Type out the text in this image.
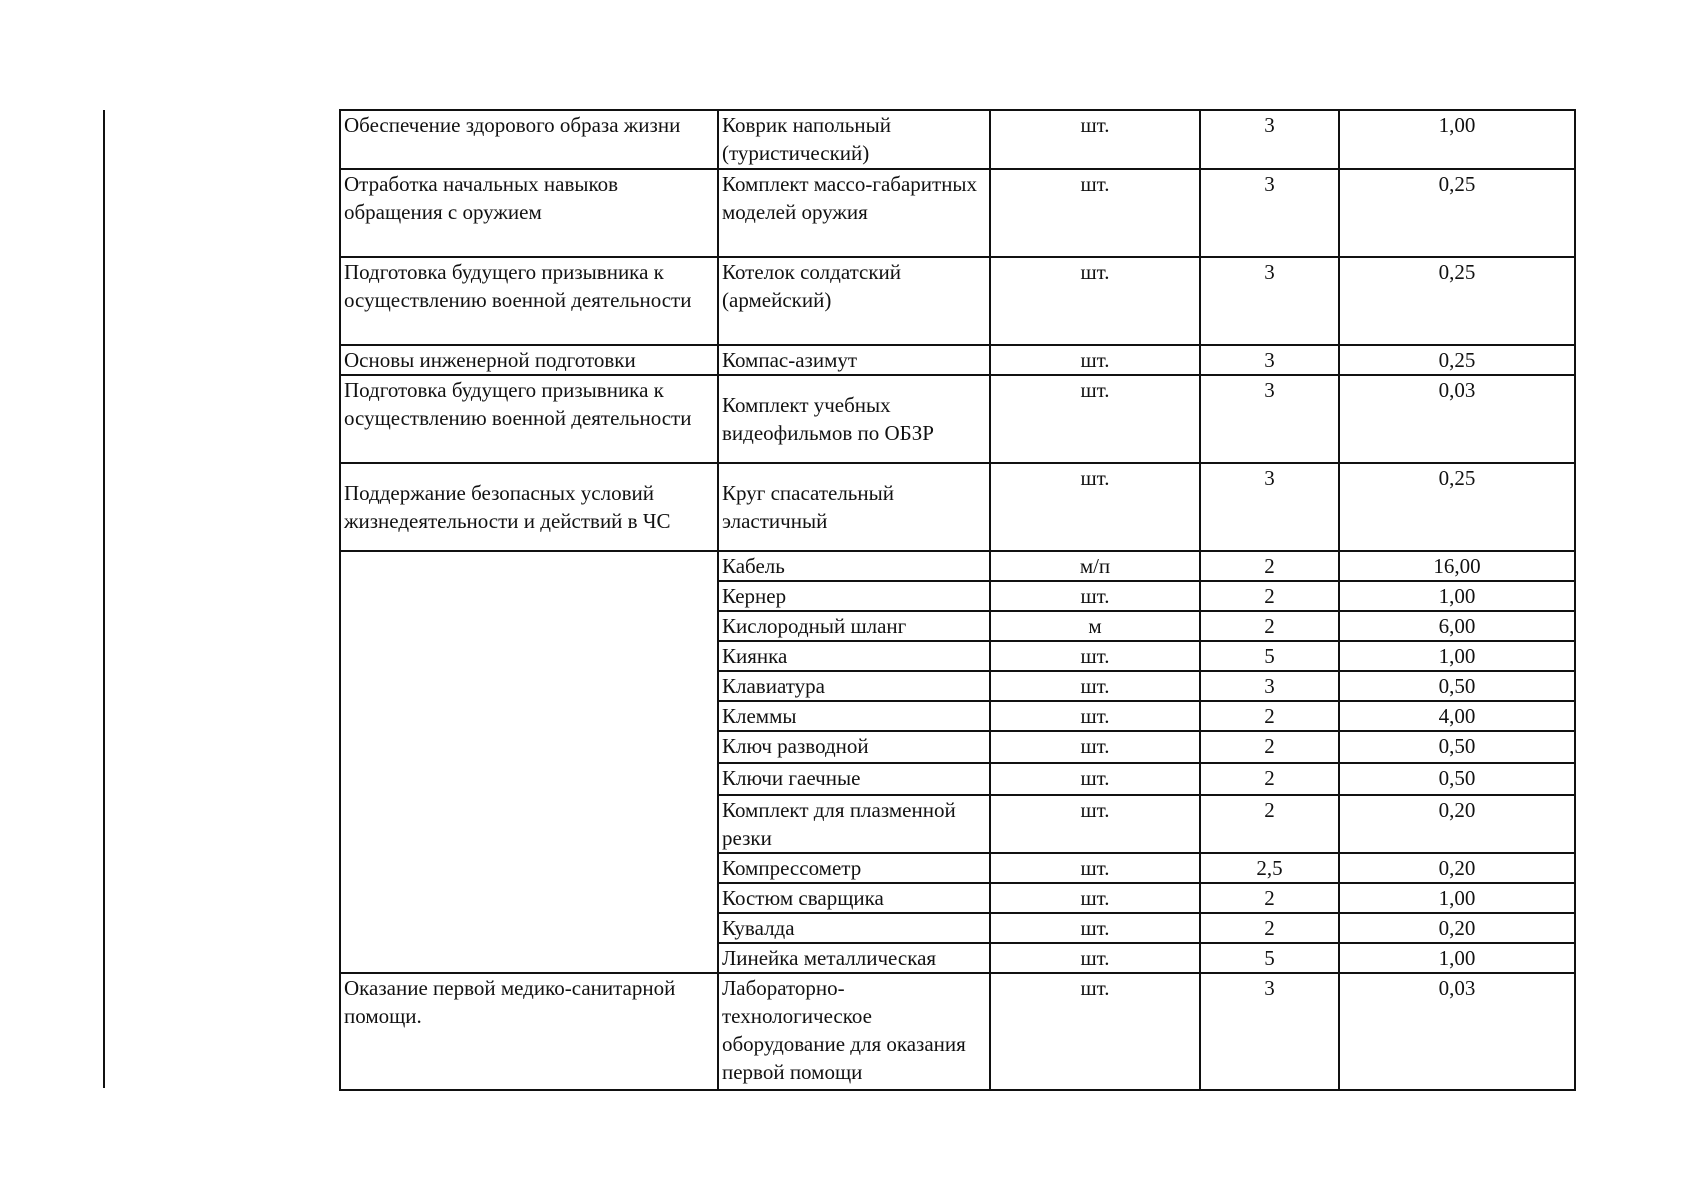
Обеспечение здорового образа жизни	Коврик напольный (туристический)	шт.	3	1,00
Отработка начальных навыков обращения с оружием	Комплект массо-габаритных моделей оружия	шт.	3	0,25
Подготовка будущего призывника к осуществлению военной деятельности	Котелок солдатский (армейский)	шт.	3	0,25
Основы инженерной подготовки	Компас-азимут	шт.	3	0,25
Подготовка будущего призывника к осуществлению военной деятельности	Комплект учебных видеофильмов по ОБЗР	шт.	3	0,03
Поддержание безопасных условий жизнедеятельности и действий в ЧС	Круг спасательный эластичный	шт.	3	0,25
	Кабель	м/п	2	16,00
	Кернер	шт.	2	1,00
	Кислородный шланг	м	2	6,00
	Киянка	шт.	5	1,00
	Клавиатура	шт.	3	0,50
	Клеммы	шт.	2	4,00
	Ключ разводной	шт.	2	0,50
	Ключи гаечные	шт.	2	0,50
	Комплект для плазменной резки	шт.	2	0,20
	Компрессометр	шт.	2,5	0,20
	Костюм сварщика	шт.	2	1,00
	Кувалда	шт.	2	0,20
	Линейка металлическая	шт.	5	1,00
Оказание первой медико-санитарной помощи.	Лабораторно-технологическое оборудование для оказания первой помощи	шт.	3	0,03
